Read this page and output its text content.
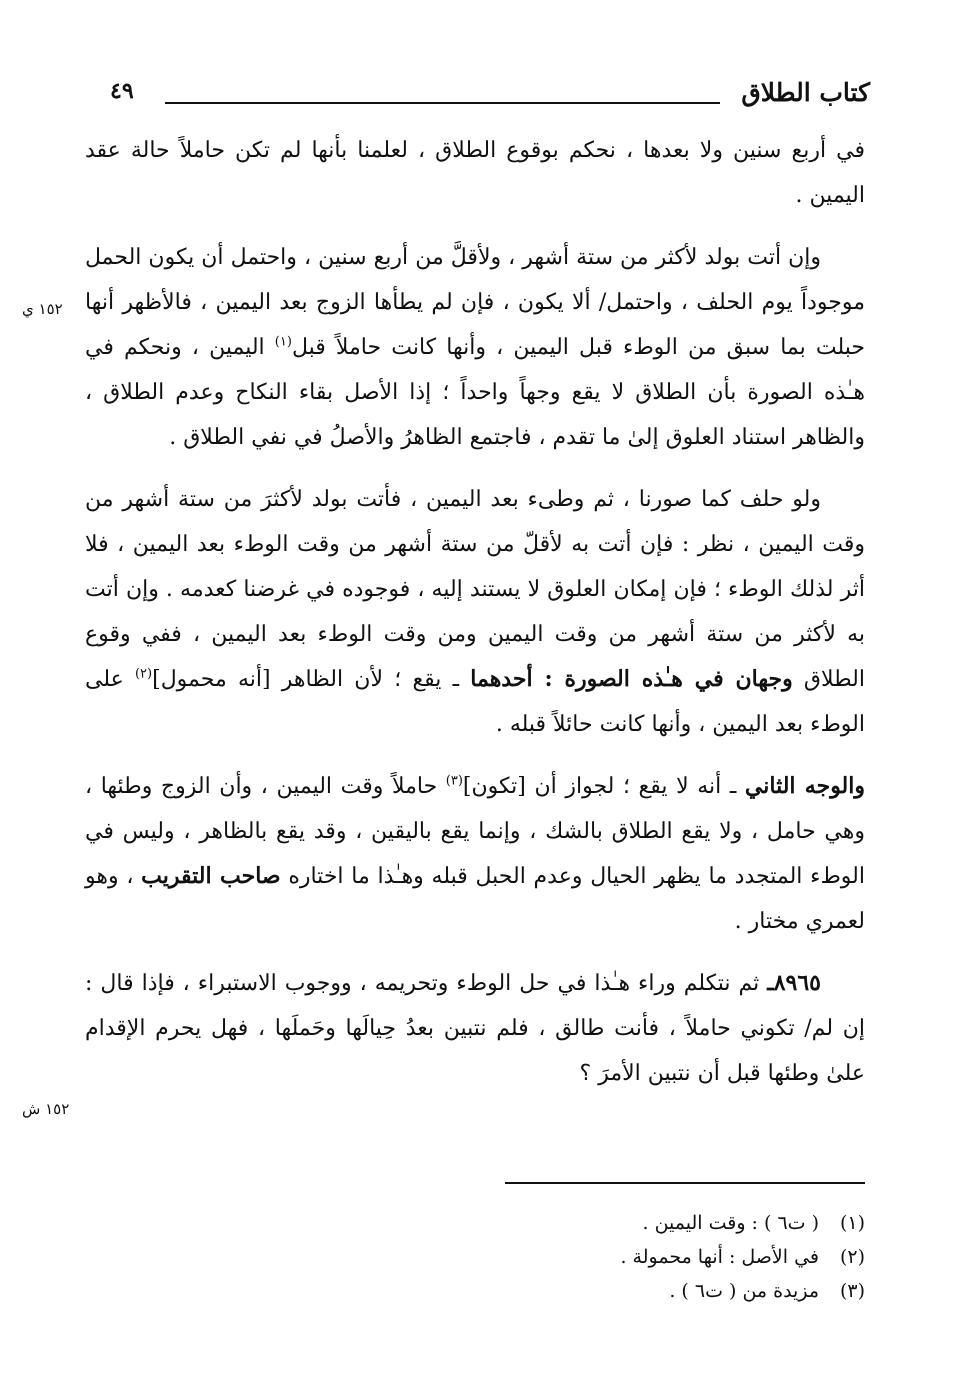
كتاب الطلاق
٤٩
١٥٢ ي
١٥٢ ش

في أربع سنين ولا بعدها ، نحكم بوقوع الطلاق ، لعلمنا بأنها لم تكن حاملاً حالة عقد اليمين .

وإن أتت بولد لأكثر من ستة أشهر ، ولأقلَّ من أربع سنين ، واحتمل أن يكون الحمل موجوداً يوم الحلف ، واحتمل/ ألا يكون ، فإن لم يطأها الزوج بعد اليمين ، فالأظهر أنها حبلت بما سبق من الوطء قبل اليمين ، وأنها كانت حاملاً قبل$^{(١)}$ اليمين ، ونحكم في هـٰذه الصورة بأن الطلاق لا يقع وجهاً واحداً ؛ إذا الأصل بقاء النكاح وعدم الطلاق ، والظاهر استناد العلوق إلىٰ ما تقدم ، فاجتمع الظاهرُ والأصلُ في نفي الطلاق .

ولو حلف كما صورنا ، ثم وطىء بعد اليمين ، فأتت بولد لأكثرَ من ستة أشهر من وقت اليمين ، نظر : فإن أتت به لأقلّ من ستة أشهر من وقت الوطء بعد اليمين ، فلا أثر لذلك الوطء ؛ فإن إمكان العلوق لا يستند إليه ، فوجوده في غرضنا كعدمه . وإن أتت به لأكثر من ستة أشهر من وقت اليمين ومن وقت الوطء بعد اليمين ، ففي وقوع الطلاق وجهان في هـٰذه الصورة : أحدهما ـ يقع ؛ لأن الظاهر [أنه محمول]$^{(٢)}$ على الوطء بعد اليمين ، وأنها كانت حائلاً قبله .

والوجه الثاني ـ أنه لا يقع ؛ لجواز أن [تكون]$^{(٣)}$ حاملاً وقت اليمين ، وأن الزوج وطئها ، وهي حامل ، ولا يقع الطلاق بالشك ، وإنما يقع باليقين ، وقد يقع بالظاهر ، وليس في الوطء المتجدد ما يظهر الحيال وعدم الحبل قبله وهـٰذا ما اختاره صاحب التقريب ، وهو لعمري مختار .

٨٩٦٥ـ ثم نتكلم وراء هـٰذا في حل الوطء وتحريمه ، ووجوب الاستبراء ، فإذا قال : إن لم/ تكوني حاملاً ، فأنت طالق ، فلم نتبين بعدُ حِيالَها وحَملَها ، فهل يحرم الإقدام علىٰ وطئها قبل أن نتبين الأمرَ ؟

(١)( ت٦ ) : وقت اليمين .
(٢)في الأصل : أنها محمولة .
(٣)مزيدة من ( ت٦ ) .
